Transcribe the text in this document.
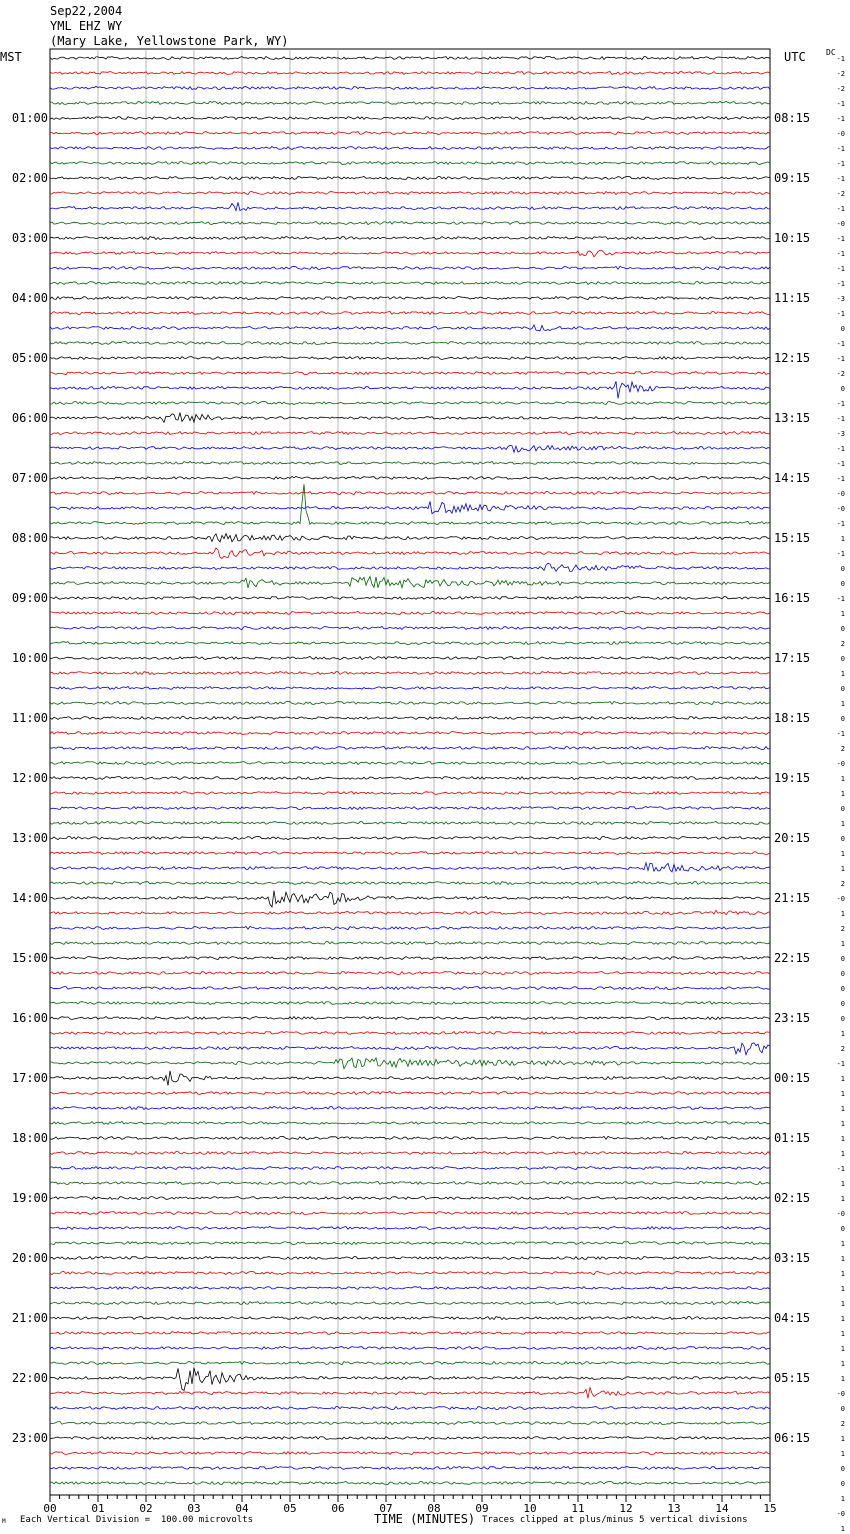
Sep22,2004
YML EHZ WY
(Mary Lake, Yellowstone Park, WY)
MST	UTC	DC
01:00
02:00
03:00
04:00
05:00
06:00
07:00
08:00
09:00
10:00
11:00
12:00
13:00
14:00
15:00
16:00
17:00
18:00
19:00
20:00
21:00
22:00
23:00
08:15
09:15
10:15
11:15
12:15
13:15
14:15
15:15
16:15
17:15
18:15
19:15
20:15
21:15
22:15
23:15
00:15
01:15
02:15
03:15
04:15
05:15
06:15
-1
-2
-2
-1
-1
-0
-1
-1
-1
-2
-1
-0
-1
-1
-1
-1
-3
-1
0
-1
-1
-2
0
-1
-1
-3
-1
-1
-1
-0
-0
-1
1
-1
0
0
-1
1
0
2
0
1
0
1
0
-1
2
-0
1
1
0
1
0
1
1
2
-0
1
2
1
0
0
0
0
0
1
2
-1
1
1
1
1
1
1
-1
1
1
-0
0
1
1
1
1
1
1
1
1
1
1
-0
0
2
1
1
0
0
1
-0
1
00	01	02	03	04	05	06	07	08	09	10	11	12	13	14	15
TIME (MINUTES)
M Each Vertical Division =  100.00 microvolts	Traces clipped at plus/minus 5 vertical divisions
